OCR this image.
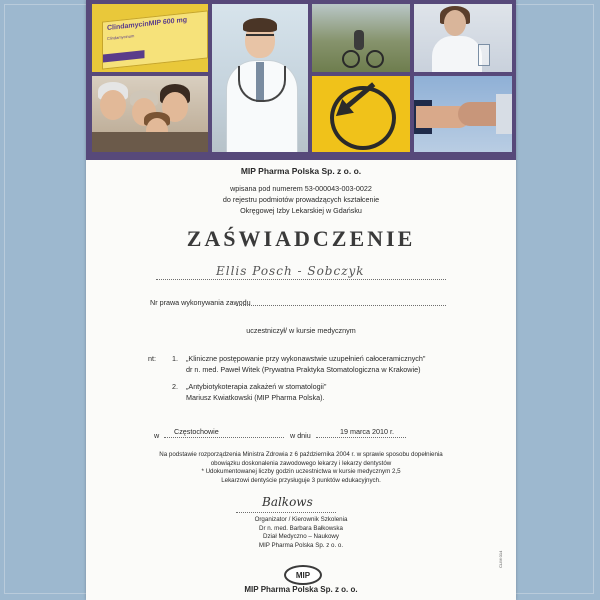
ClindamycinMIP 600 mg
Clindamycinum
MIP Pharma Polska Sp. z o. o.
wpisana pod numerem 53-000043-003-0022
do rejestru podmiotów prowadzących kształcenie
Okręgowej Izby Lekarskiej w Gdańsku
ZAŚWIADCZENIE
Ellis Posch - Sobczyk
Nr prawa wykonywania zawodu
uczestniczył/ w kursie medycznym
nt: 1. „Kliniczne postępowanie przy wykonawstwie uzupełnień całoceramicznych"
dr n. med. Paweł Witek (Prywatna Praktyka Stomatologiczna w Krakowie)
2. „Antybiotykoterapia zakażeń w stomatologii"
Mariusz Kwiatkowski (MIP Pharma Polska).
w Częstochowie	w dniu	19 marca 2010 r.
Na podstawie rozporządzenia Ministra Zdrowia z 6 października 2004 r. w sprawie sposobu dopełnienia
obowiązku doskonalenia zawodowego lekarzy i lekarzy dentystów
* Udokumentowanej liczby godzin uczestnictwa w kursie medycznym 2,5
Lekarzowi dentyście przysługuje 3 punktów edukacyjnych.
Balkows
Organizator / Kierownik Szkolenia
Dr n. med. Barbara Bałkowska
Dział Medyczno – Naukowy
MIP Pharma Polska Sp. z o. o.
MIP
MIP Pharma Polska Sp. z o. o.
CLIM 014
